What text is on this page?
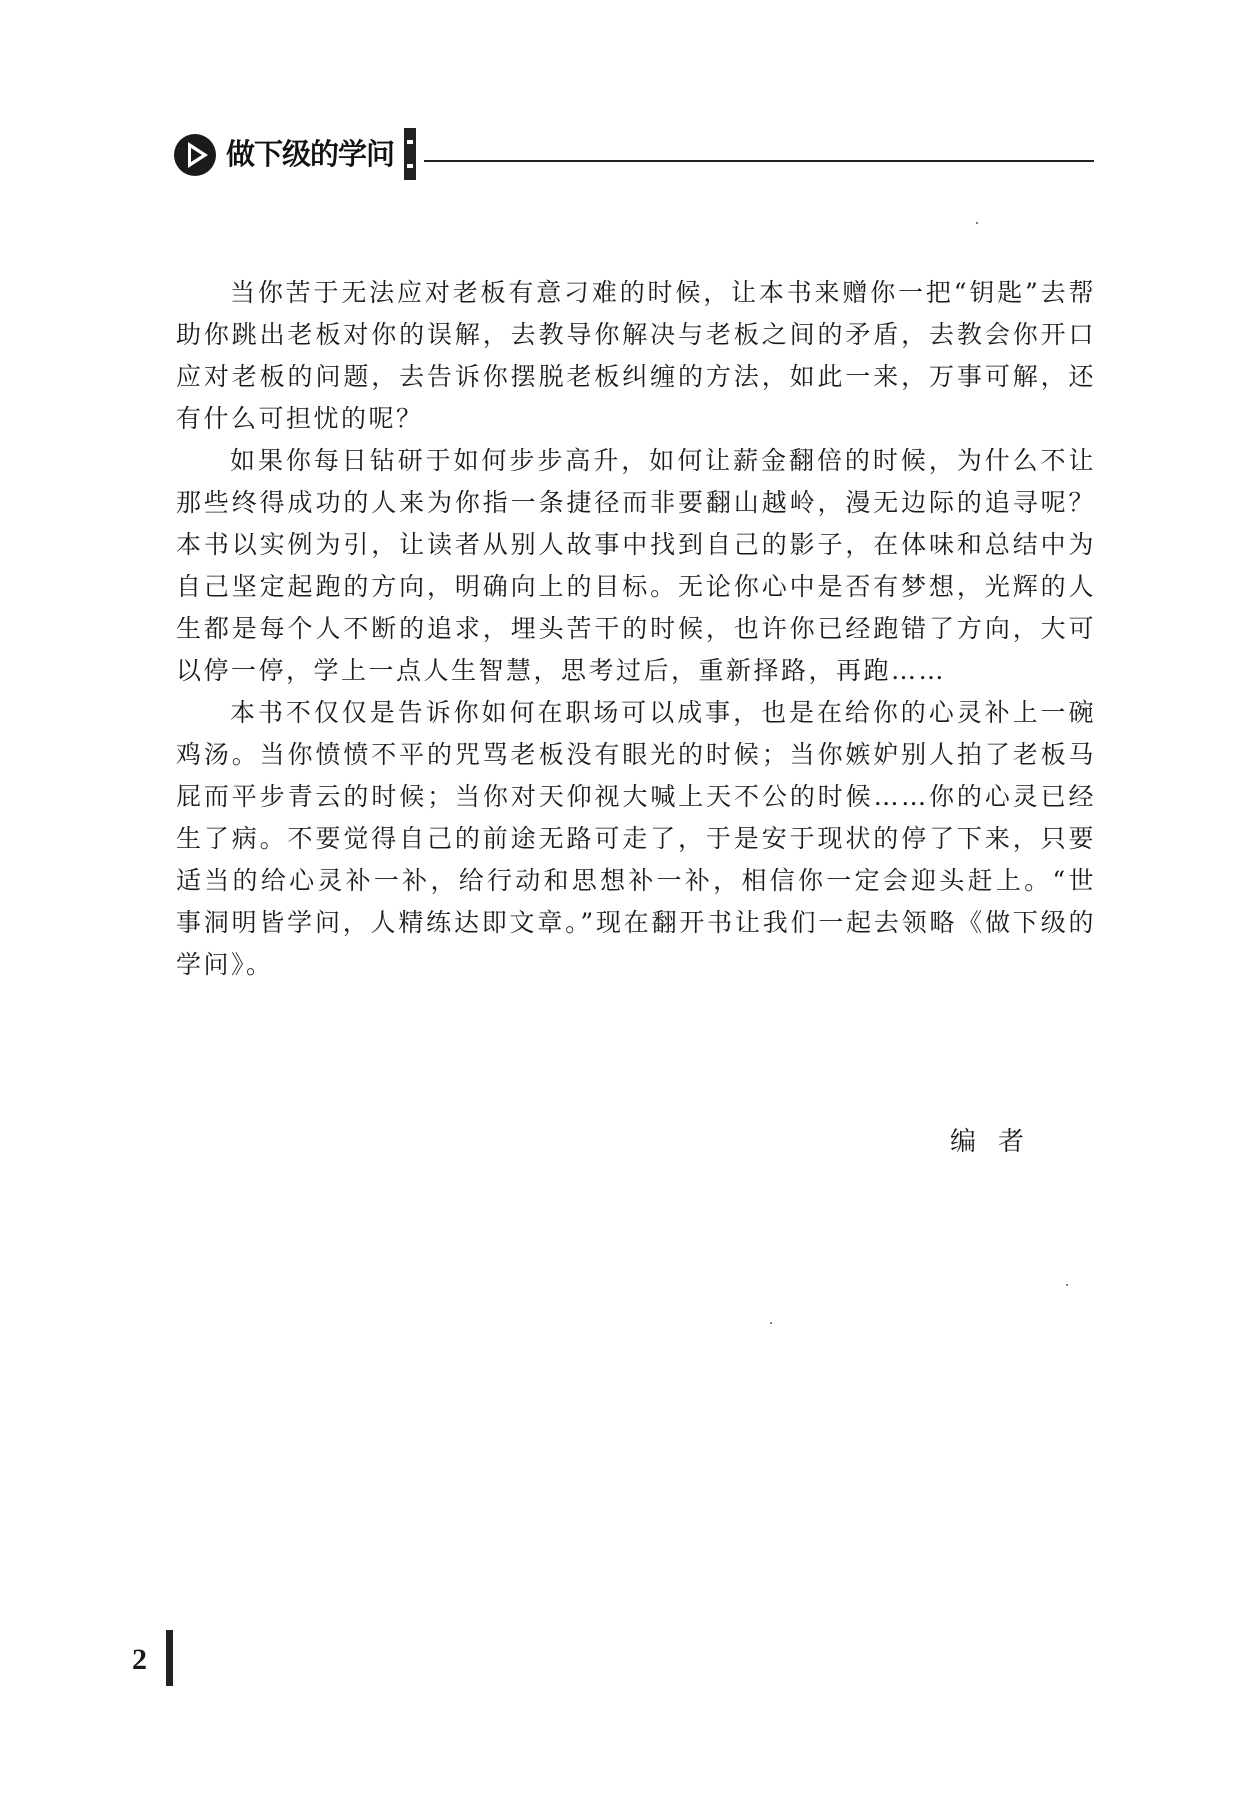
做下级的学问

当你苦于无法应对老板有意刁难的时候，让本书来赠你一把“钥匙”去帮助你跳出老板对你的误解，去教导你解决与老板之间的矛盾，去教会你开口应对老板的问题，去告诉你摆脱老板纠缠的方法，如此一来，万事可解，还有什么可担忧的呢？

如果你每日钻研于如何步步高升，如何让薪金翻倍的时候，为什么不让那些终得成功的人来为你指一条捷径而非要翻山越岭，漫无边际的追寻呢？本书以实例为引，让读者从别人故事中找到自己的影子，在体味和总结中为自己坚定起跑的方向，明确向上的目标。无论你心中是否有梦想，光辉的人生都是每个人不断的追求，埋头苦干的时候，也许你已经跑错了方向，大可以停一停，学上一点人生智慧，思考过后，重新择路，再跑……

本书不仅仅是告诉你如何在职场可以成事，也是在给你的心灵补上一碗鸡汤。当你愤愤不平的咒骂老板没有眼光的时候；当你嫉妒别人拍了老板马屁而平步青云的时候；当你对天仰视大喊上天不公的时候……你的心灵已经生了病。不要觉得自己的前途无路可走了，于是安于现状的停了下来，只要适当的给心灵补一补，给行动和思想补一补，相信你一定会迎头赶上。“世事洞明皆学问，人精练达即文章。”现在翻开书让我们一起去领略《做下级的学问》。

编者
2
